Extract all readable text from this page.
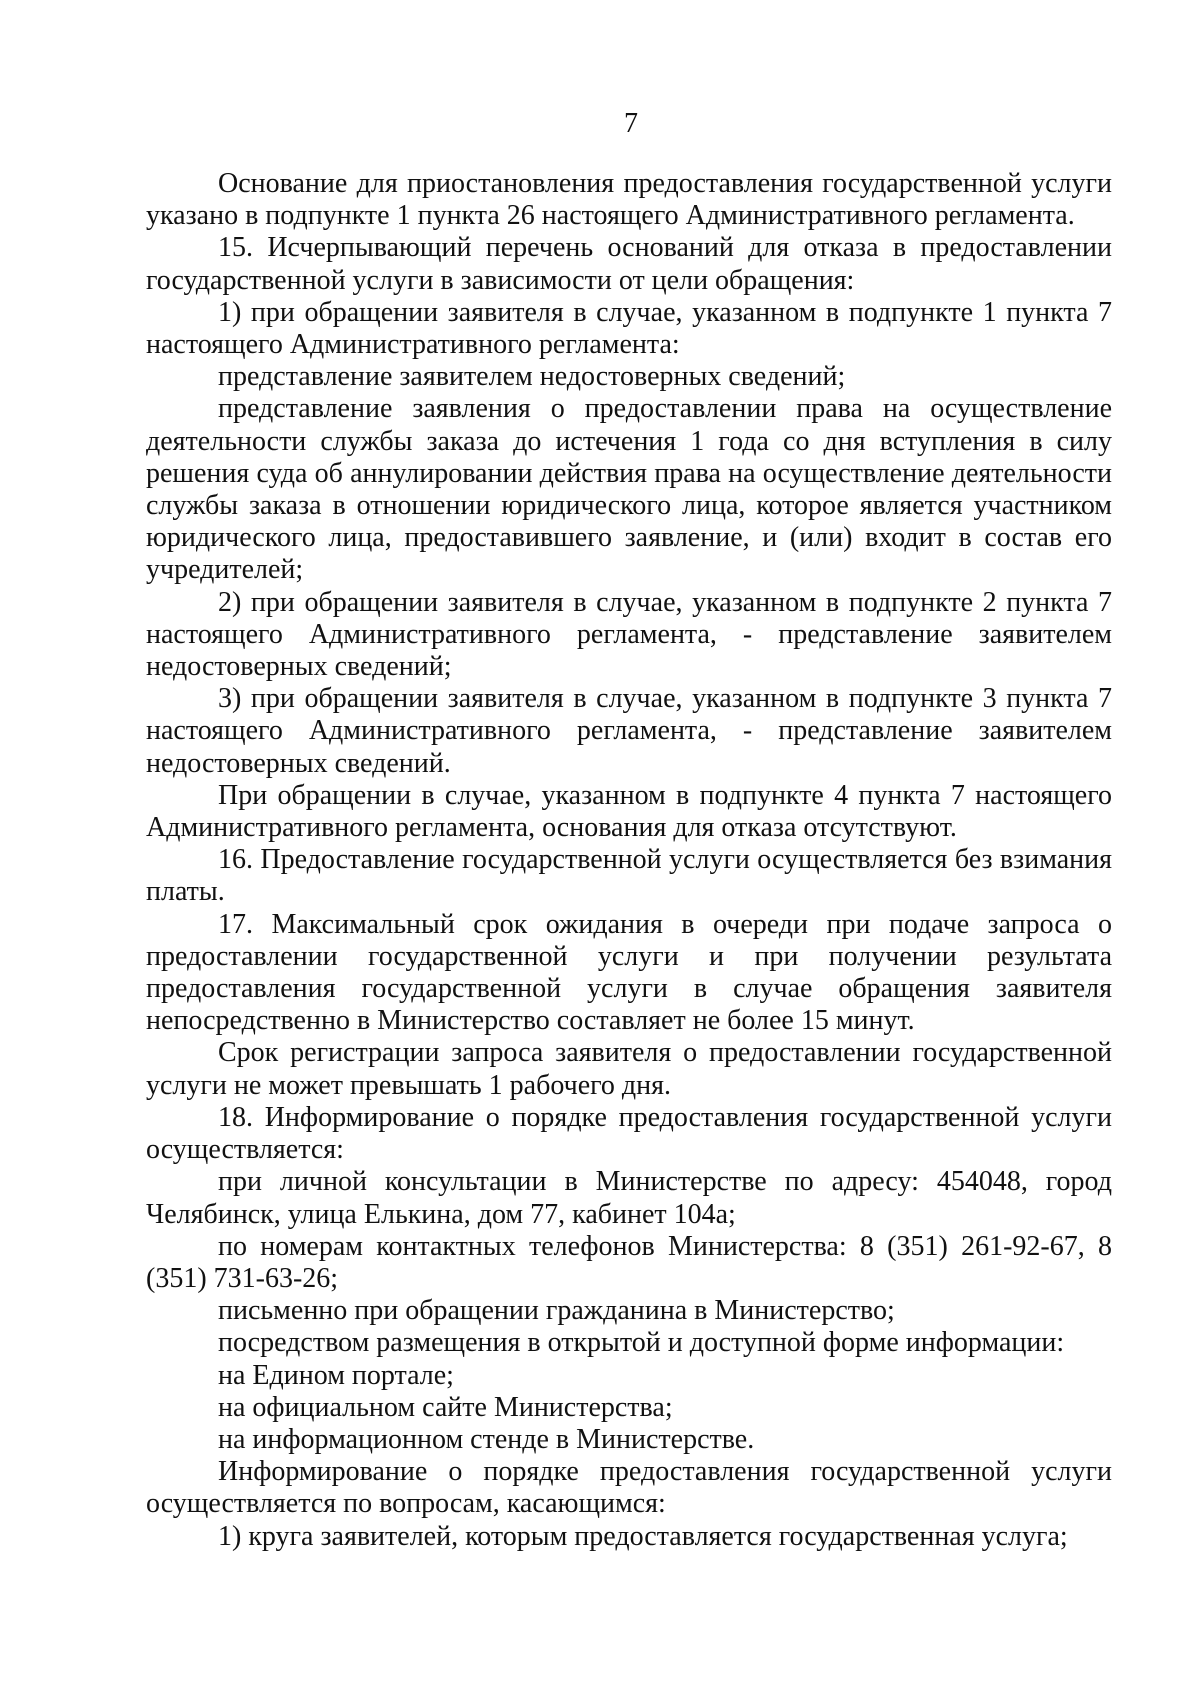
7

Основание для приостановления предоставления государственной услуги указано в подпункте 1 пункта 26 настоящего Административного регламента.

15. Исчерпывающий перечень оснований для отказа в предоставлении государственной услуги в зависимости от цели обращения:

1) при обращении заявителя в случае, указанном в подпункте 1 пункта 7 настоящего Административного регламента:

представление заявителем недостоверных сведений;

представление заявления о предоставлении права на осуществление деятельности службы заказа до истечения 1 года со дня вступления в силу решения суда об аннулировании действия права на осуществление деятельности службы заказа в отношении юридического лица, которое является участником юридического лица, предоставившего заявление, и (или) входит в состав его учредителей;

2) при обращении заявителя в случае, указанном в подпункте 2 пункта 7 настоящего Административного регламента, - представление заявителем недостоверных сведений;

3) при обращении заявителя в случае, указанном в подпункте 3 пункта 7 настоящего Административного регламента, - представление заявителем недостоверных сведений.

При обращении в случае, указанном в подпункте 4 пункта 7 настоящего Административного регламента, основания для отказа отсутствуют.

16. Предоставление государственной услуги осуществляется без взимания платы.

17. Максимальный срок ожидания в очереди при подаче запроса о предоставлении государственной услуги и при получении результата предоставления государственной услуги в случае обращения заявителя непосредственно в Министерство составляет не более 15 минут.

Срок регистрации запроса заявителя о предоставлении государственной услуги не может превышать 1 рабочего дня.

18. Информирование о порядке предоставления государственной услуги осуществляется:

при личной консультации в Министерстве по адресу: 454048, город Челябинск, улица Елькина, дом 77, кабинет 104а;

по номерам контактных телефонов Министерства: 8 (351) 261-92-67, 8 (351) 731-63-26;

письменно при обращении гражданина в Министерство;

посредством размещения в открытой и доступной форме информации:

на Едином портале;

на официальном сайте Министерства;

на информационном стенде в Министерстве.

Информирование о порядке предоставления государственной услуги осуществляется по вопросам, касающимся:

1) круга заявителей, которым предоставляется государственная услуга;
